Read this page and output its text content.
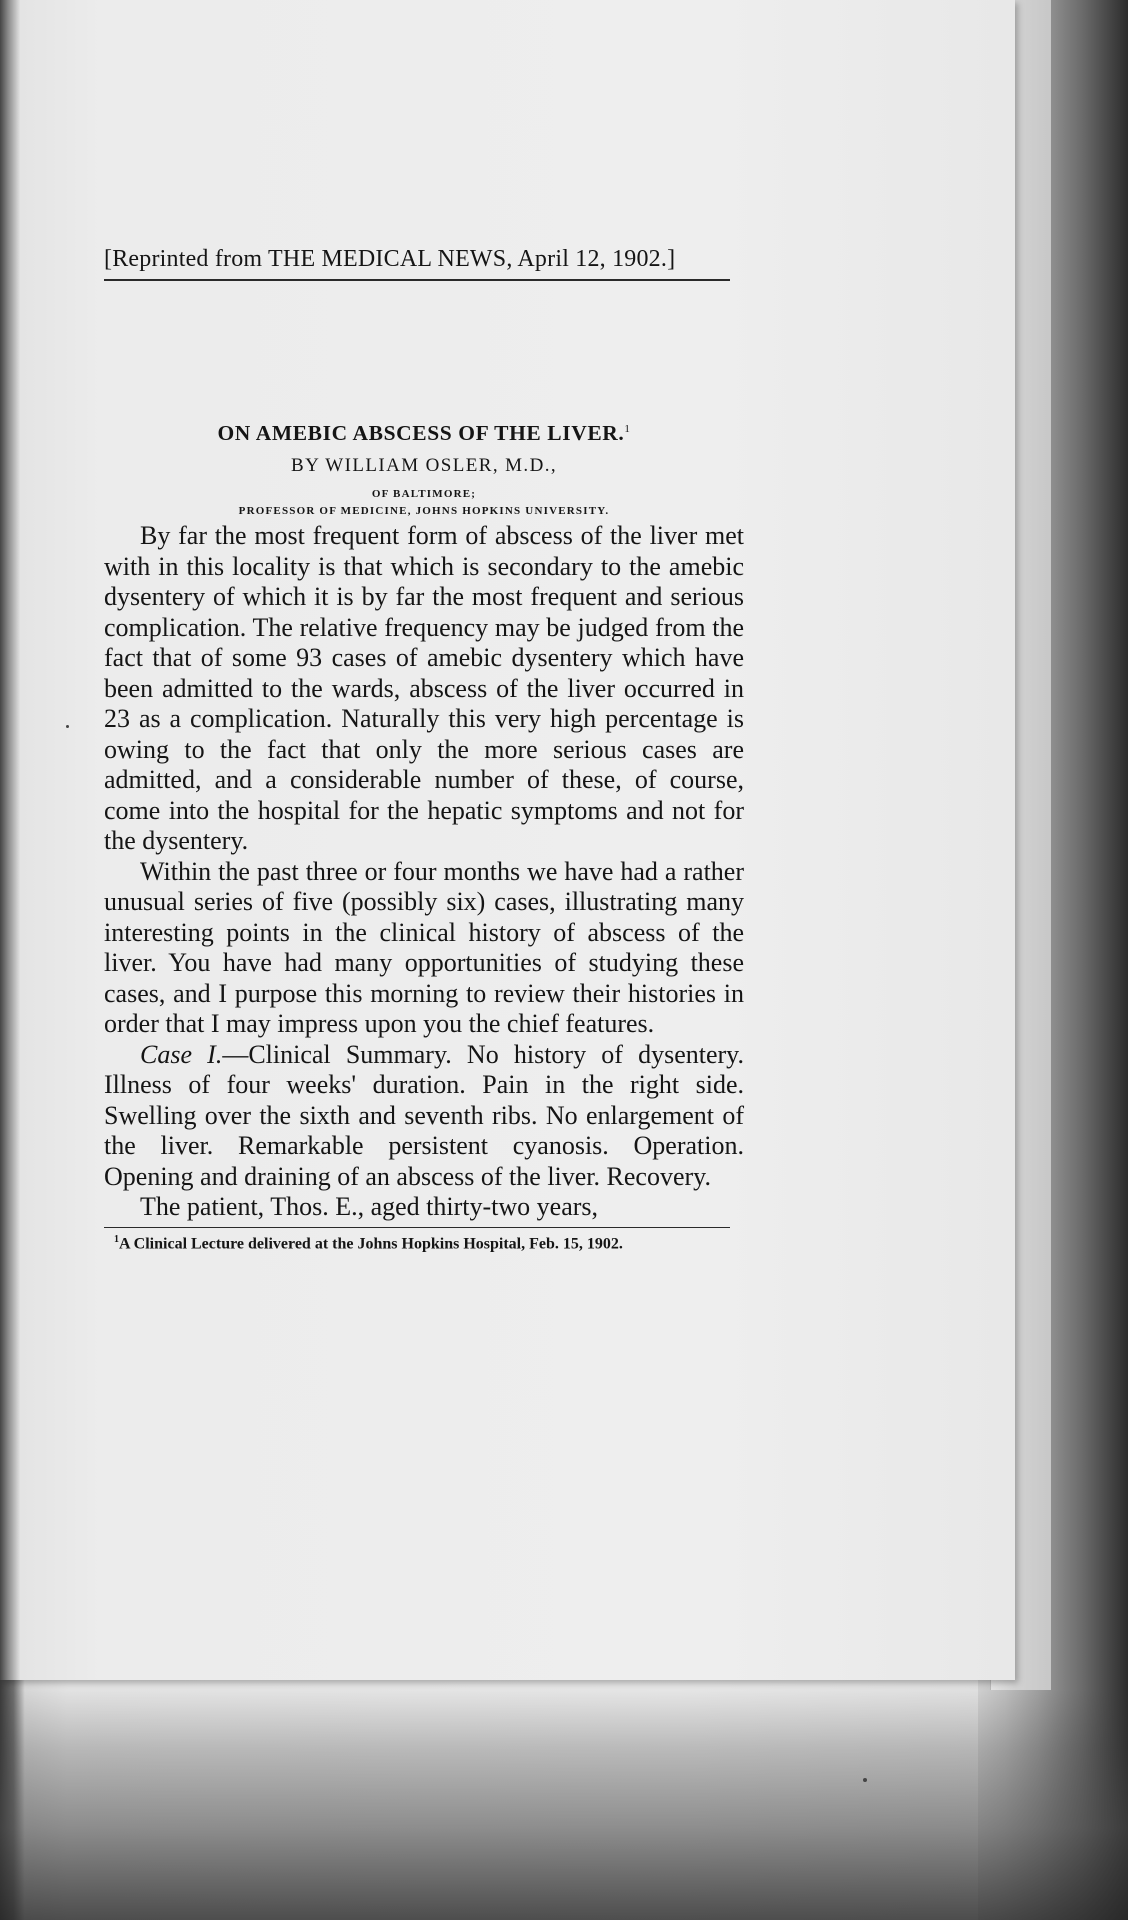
[Reprinted from THE MEDICAL NEWS, April 12, 1902.]
ON AMEBIC ABSCESS OF THE LIVER.$^1$
BY WILLIAM OSLER, M.D.,
OF BALTIMORE;
PROFESSOR OF MEDICINE, JOHNS HOPKINS UNIVERSITY.

By far the most frequent form of abscess of the liver met with in this locality is that which is secondary to the amebic dysentery of which it is by far the most frequent and serious complication. The relative frequency may be judged from the fact that of some 93 cases of amebic dysentery which have been admitted to the wards, abscess of the liver occurred in 23 as a complication. Naturally this very high percentage is owing to the fact that only the more serious cases are admitted, and a considerable number of these, of course, come into the hospital for the hepatic symptoms and not for the dysentery.

Within the past three or four months we have had a rather unusual series of five (possibly six) cases, illustrating many interesting points in the clinical history of abscess of the liver. You have had many opportunities of studying these cases, and I purpose this morning to review their histories in order that I may impress upon you the chief features.

Case I.—Clinical Summary. No history of dysentery. Illness of four weeks' duration. Pain in the right side. Swelling over the sixth and seventh ribs. No enlargement of the liver. Remarkable persistent cyanosis. Operation. Opening and draining of an abscess of the liver. Recovery.

The patient, Thos. E., aged thirty-two years,

$^1$A Clinical Lecture delivered at the Johns Hopkins Hospital, Feb. 15, 1902.
